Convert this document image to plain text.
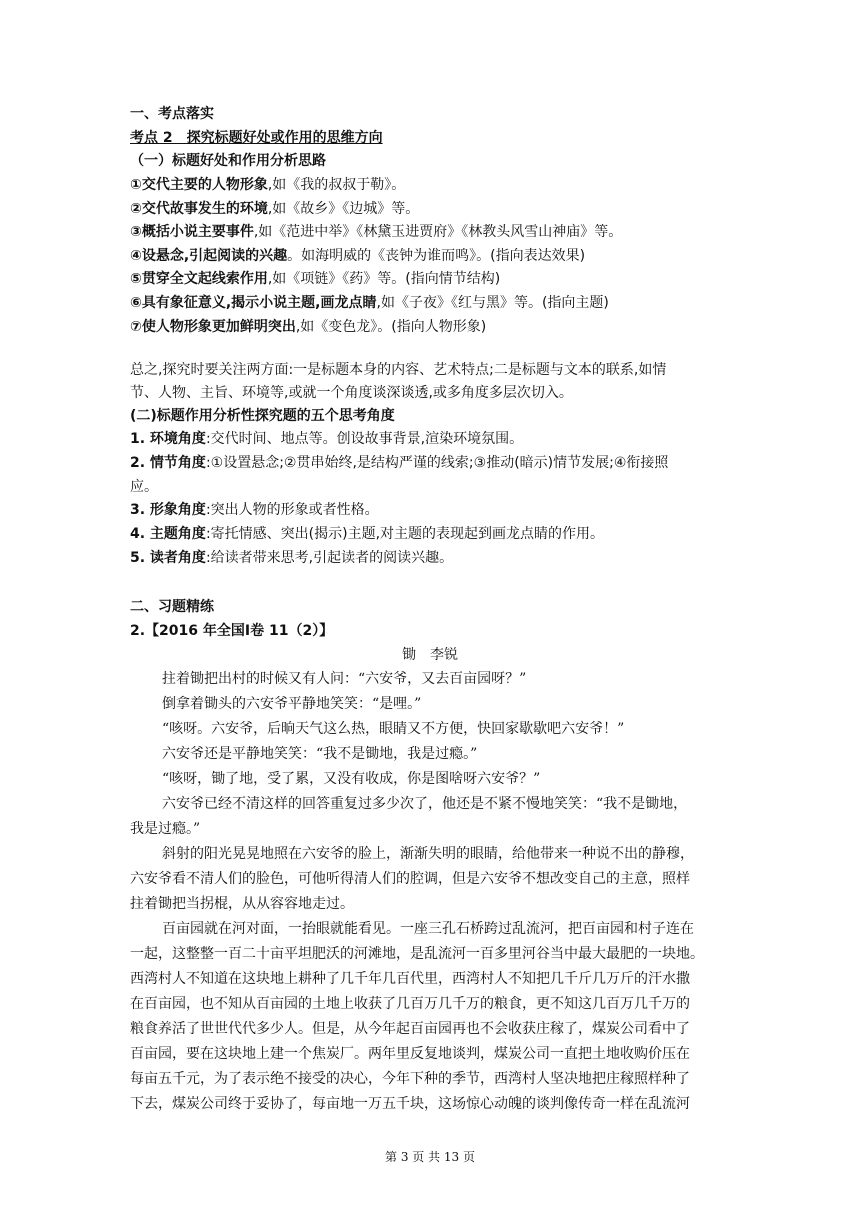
一、考点落实
考点 2　探究标题好处或作用的思维方向
（一）标题好处和作用分析思路
①交代主要的人物形象,如《我的叔叔于勒》。
②交代故事发生的环境,如《故乡》《边城》等。
③概括小说主要事件,如《范进中举》《林黛玉进贾府》《林教头风雪山神庙》等。
④设悬念,引起阅读的兴趣。如海明威的《丧钟为谁而鸣》。(指向表达效果)
⑤贯穿全文起线索作用,如《项链》《药》等。(指向情节结构)
⑥具有象征意义,揭示小说主题,画龙点睛,如《子夜》《红与黑》等。(指向主题)
⑦使人物形象更加鲜明突出,如《变色龙》。(指向人物形象)
总之,探究时要关注两方面:一是标题本身的内容、艺术特点;二是标题与文本的联系,如情
节、人物、主旨、环境等,或就一个角度谈深谈透,或多角度多层次切入。
(二)标题作用分析性探究题的五个思考角度
1. 环境角度:交代时间、地点等。创设故事背景,渲染环境氛围。
2. 情节角度:①设置悬念;②贯串始终,是结构严谨的线索;③推动(暗示)情节发展;④衔接照
应。
3. 形象角度:突出人物的形象或者性格。
4. 主题角度:寄托情感、突出(揭示)主题,对主题的表现起到画龙点睛的作用。
5. 读者角度:给读者带来思考,引起读者的阅读兴趣。
二、习题精练
2.【2016 年全国Ⅰ卷 11（2）】
锄　李锐
拄着锄把出村的时候又有人问：“六安爷，又去百亩园呀？”
倒拿着锄头的六安爷平静地笑笑：“是哩。”
“咳呀。六安爷，后晌天气这么热，眼睛又不方便，快回家歇歇吧六安爷！”
六安爷还是平静地笑笑：“我不是锄地，我是过瘾。”
“咳呀，锄了地，受了累，又没有收成，你是图啥呀六安爷？”
六安爷已经不清这样的回答重复过多少次了，他还是不紧不慢地笑笑：“我不是锄地，
我是过瘾。”
斜射的阳光晃晃地照在六安爷的脸上，渐渐失明的眼睛，给他带来一种说不出的静穆，
六安爷看不清人们的脸色，可他听得清人们的腔调，但是六安爷不想改变自己的主意，照样
拄着锄把当拐棍，从从容容地走过。
百亩园就在河对面，一抬眼就能看见。一座三孔石桥跨过乱流河，把百亩园和村子连在
一起，这整整一百二十亩平坦肥沃的河滩地，是乱流河一百多里河谷当中最大最肥的一块地。
西湾村人不知道在这块地上耕种了几千年几百代里，西湾村人不知把几千斤几万斤的汗水撒
在百亩园，也不知从百亩园的土地上收获了几百万几千万的粮食，更不知这几百万几千万的
粮食养活了世世代代多少人。但是，从今年起百亩园再也不会收获庄稼了，煤炭公司看中了
百亩园，要在这块地上建一个焦炭厂。两年里反复地谈判，煤炭公司一直把土地收购价压在
每亩五千元，为了表示绝不接受的决心，今年下种的季节，西湾村人坚决地把庄稼照样种了
下去，煤炭公司终于妥协了，每亩地一万五千块，这场惊心动魄的谈判像传奇一样在乱流河
第 3 页 共 13 页
